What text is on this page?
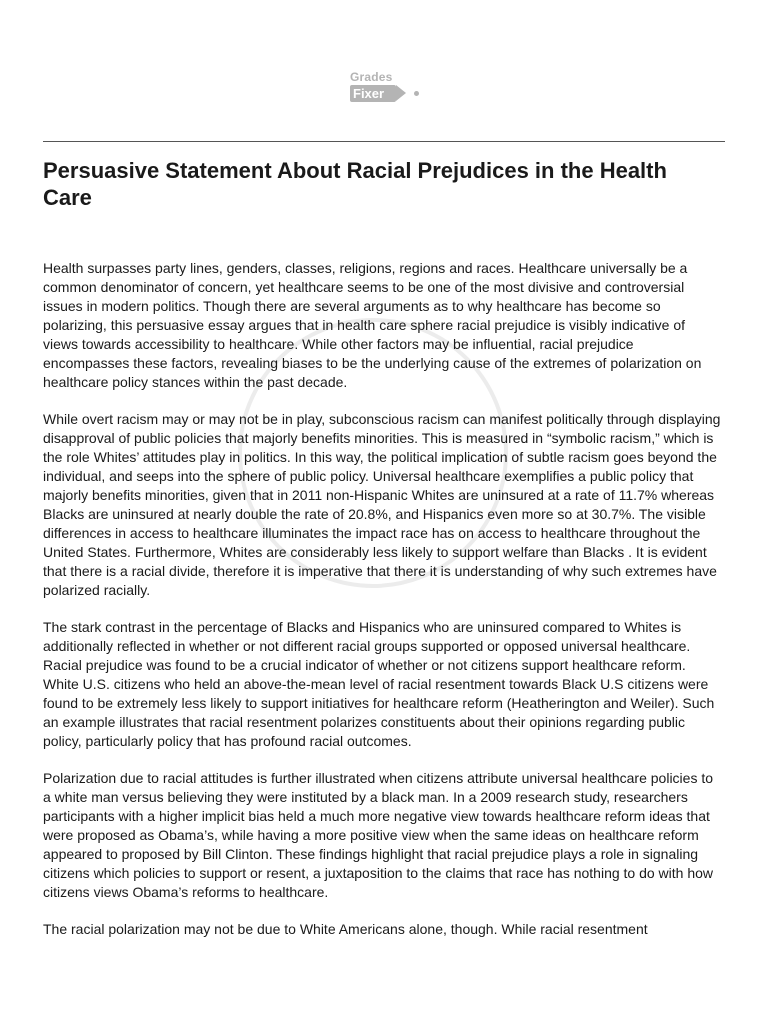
Grades
Fixer
Persuasive Statement About Racial Prejudices in the Health Care

Health surpasses party lines, genders, classes, religions, regions and races. Healthcare universally be a common denominator of concern, yet healthcare seems to be one of the most divisive and controversial issues in modern politics. Though there are several arguments as to why healthcare has become so polarizing, this persuasive essay argues that in health care sphere racial prejudice is visibly indicative of views towards accessibility to healthcare. While other factors may be influential, racial prejudice encompasses these factors, revealing biases to be the underlying cause of the extremes of polarization on healthcare policy stances within the past decade.

While overt racism may or may not be in play, subconscious racism can manifest politically through displaying disapproval of public policies that majorly benefits minorities. This is measured in “symbolic racism,” which is the role Whites’ attitudes play in politics. In this way, the political implication of subtle racism goes beyond the individual, and seeps into the sphere of public policy. Universal healthcare exemplifies a public policy that majorly benefits minorities, given that in 2011 non-Hispanic Whites are uninsured at a rate of 11.7% whereas Blacks are uninsured at nearly double the rate of 20.8%, and Hispanics even more so at 30.7%. The visible differences in access to healthcare illuminates the impact race has on access to healthcare throughout the United States. Furthermore, Whites are considerably less likely to support welfare than Blacks . It is evident that there is a racial divide, therefore it is imperative that there it is understanding of why such extremes have polarized racially.

The stark contrast in the percentage of Blacks and Hispanics who are uninsured compared to Whites is additionally reflected in whether or not different racial groups supported or opposed universal healthcare. Racial prejudice was found to be a crucial indicator of whether or not citizens support healthcare reform. White U.S. citizens who held an above-the-mean level of racial resentment towards Black U.S citizens were found to be extremely less likely to support initiatives for healthcare reform (Heatherington and Weiler). Such an example illustrates that racial resentment polarizes constituents about their opinions regarding public policy, particularly policy that has profound racial outcomes.

Polarization due to racial attitudes is further illustrated when citizens attribute universal healthcare policies to a white man versus believing they were instituted by a black man. In a 2009 research study, researchers participants with a higher implicit bias held a much more negative view towards healthcare reform ideas that were proposed as Obama’s, while having a more positive view when the same ideas on healthcare reform appeared to proposed by Bill Clinton. These findings highlight that racial prejudice plays a role in signaling citizens which policies to support or resent, a juxtaposition to the claims that race has nothing to do with how citizens views Obama’s reforms to healthcare.

The racial polarization may not be due to White Americans alone, though. While racial resentment
